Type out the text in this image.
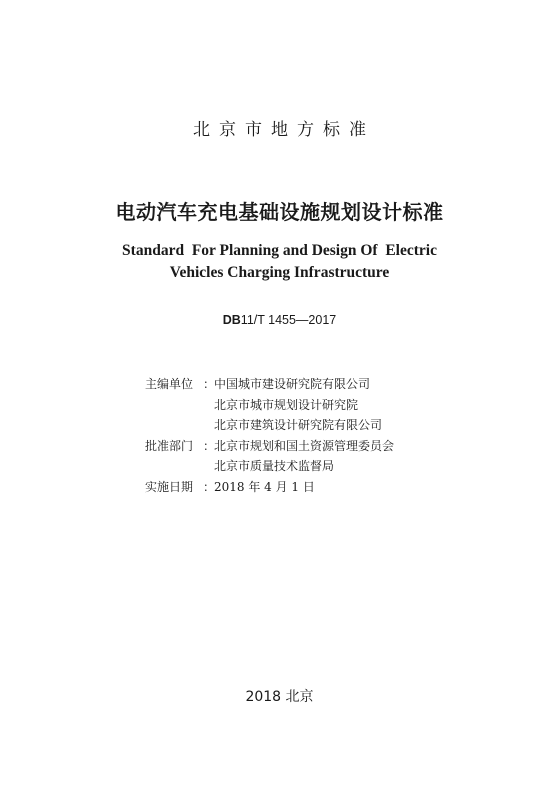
北京市地方标准
电动汽车充电基础设施规划设计标准
Standard  For Planning and Design Of  Electric
Vehicles Charging Infrastructure
DB11/T 1455—2017
主编单位 ：
中国城市建设研究院有限公司
北京市城市规划设计研究院
北京市建筑设计研究院有限公司
批准部门 ：
北京市规划和国土资源管理委员会
北京市质量技术监督局
实施日期 ：
2018 年 4 月 1 日
2018 北京
